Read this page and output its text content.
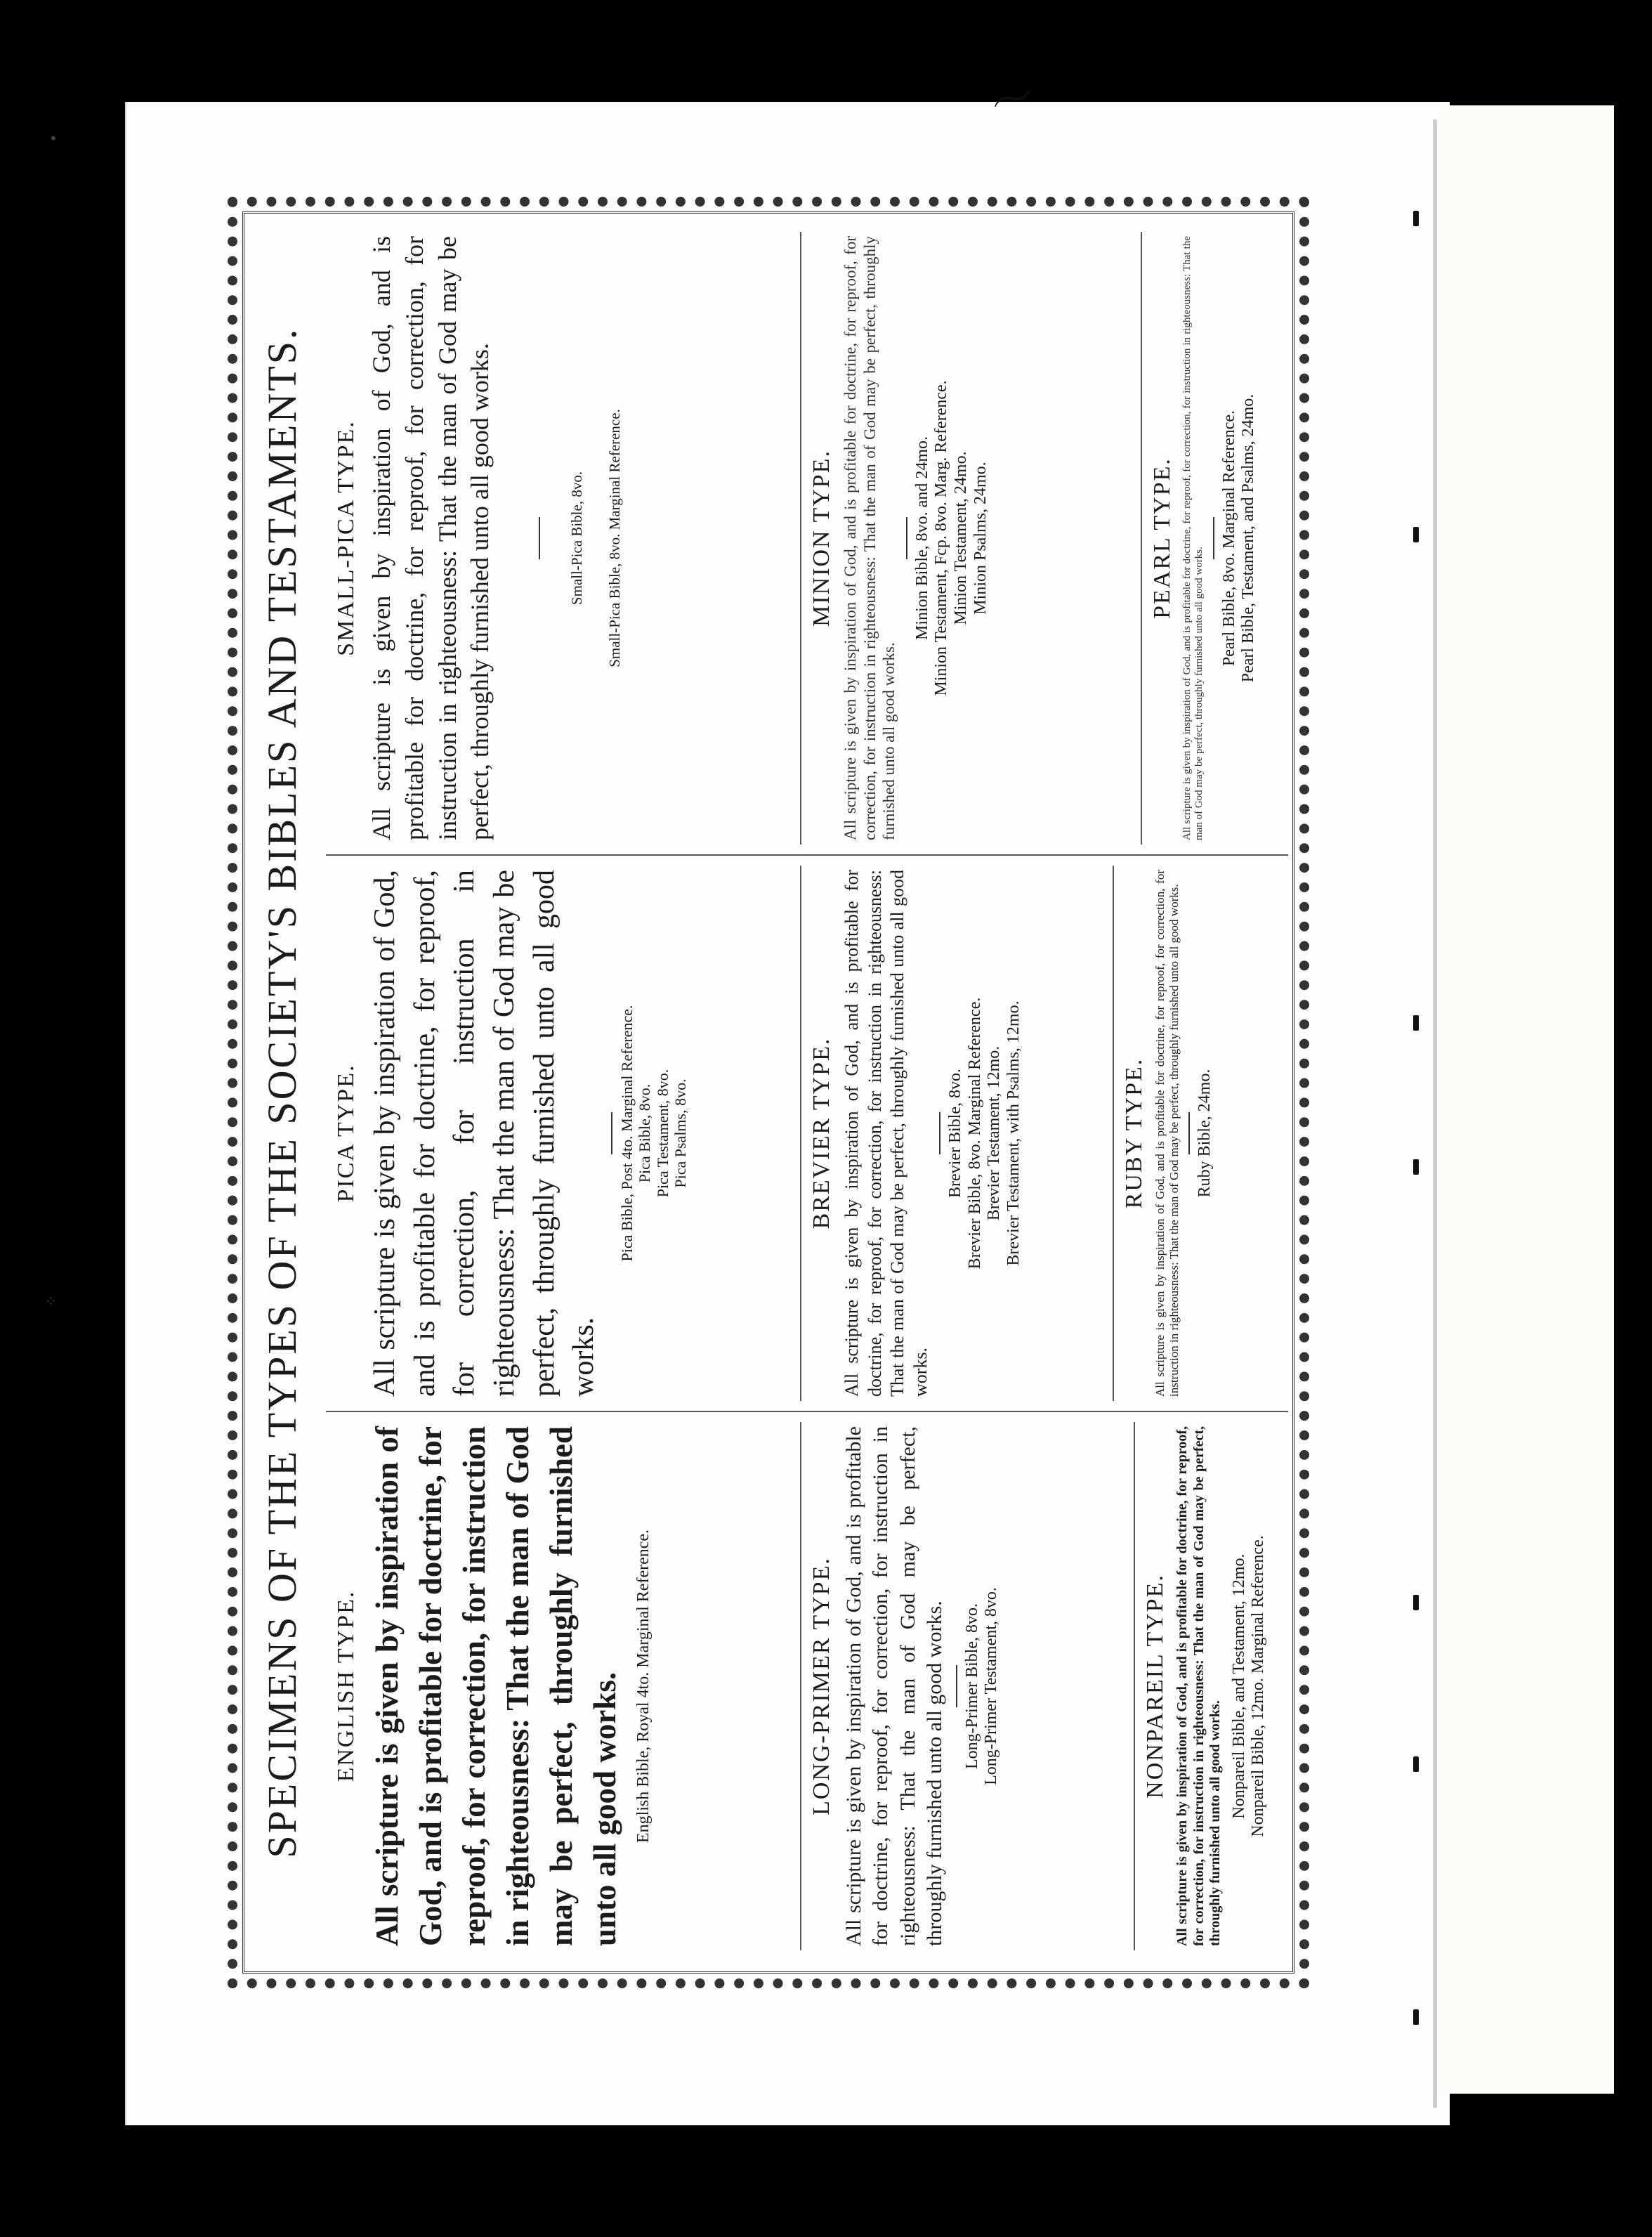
〜
•
⁘	SPECIMENS OF THE TYPES OF THE SOCIETY'S BIBLES AND TESTAMENTS. ENGLISH TYPE. All scripture is given by inspiration of God, and is profitable for doctrine, for reproof, for correction, for instruction in righteousness: That the man of God may be perfect, throughly furnished unto all good works. English Bible, Royal 4to. Marginal Reference.	LONG-PRIMER TYPE. All scripture is given by inspiration of God, and is profitable for doctrine, for reproof, for correction, for instruction in righteousness: That the man of God may be perfect, throughly furnished unto all good works. Long-Primer Bible, 8vo. Long-Primer Testament, 8vo.	NONPAREIL TYPE. All scripture is given by inspiration of God, and is profitable for doctrine, for reproof, for correction, for instruction in righteousness: That the man of God may be perfect, throughly furnished unto all good works.
Nonpareil Bible, and Testament, 12mo. Nonpareil Bible, 12mo. Marginal Reference.
PICA TYPE. All scripture is given by inspiration of God, and is profitable for doctrine, for reproof, for correction, for instruction in righteousness: That the man of God may be perfect, throughly furnished unto all good works.
Pica Bible, Post 4to. Marginal Reference. Pica Bible, 8vo. Pica Testament, 8vo. Pica Psalms, 8vo.	BREVIER TYPE. All scripture is given by inspiration of God, and is profitable for doctrine, for reproof, for correction, for instruction in righteousness: That the man of God may be perfect, throughly furnished unto all good works.
Brevier Bible, 8vo. Brevier Bible, 8vo. Marginal Reference. Brevier Testament, 12mo. Brevier Testament, with Psalms, 12mo.	RUBY TYPE. All scripture is given by inspiration of God, and is profitable for doctrine, for reproof, for correction, for instruction in righteousness: That the man of God may be perfect, throughly furnished unto all good works. Ruby Bible, 24mo.
SMALL-PICA TYPE. All scripture is given by inspiration of God, and is profitable for doctrine, for reproof, for correction, for instruction in righteousness: That the man of God may be perfect, throughly furnished unto all good works.	Small-Pica Bible, 8vo. Small-Pica Bible, 8vo. Marginal Reference.	MINION TYPE. All scripture is given by inspiration of God, and is profitable for doctrine, for reproof, for correction, for instruction in righteousness: That the man of God may be perfect, throughly furnished unto all good works.
Minion Bible, 8vo. and 24mo. Minion Testament, Fcp. 8vo. Marg. Reference. Minion Testament, 24mo. Minion Psalms, 24mo.	PEARL TYPE. All scripture is given by inspiration of God, and is profitable for doctrine, for reproof, for correction, for instruction in righteousness: That the man of God may be perfect, throughly furnished unto all good works.
Pearl Bible, 8vo. Marginal Reference. Pearl Bible, Testament, and Psalms, 24mo.
